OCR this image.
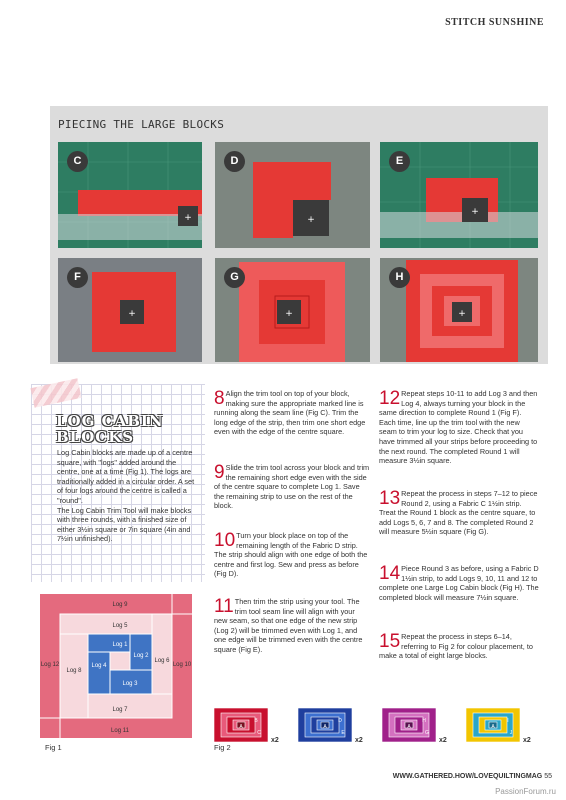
STITCH SUNSHINE
PIECING THE LARGE BLOCKS
+
C
+
D
+
E
+
F
+
G
+
H
LOG CABIN
BLOCKS

Log Cabin blocks are made up of a centre square, with "logs" added around the centre, one at a time (Fig 1). The logs are traditionally added in a circular order. A set of four logs around the centre is called a "round".

The Log Cabin Trim Tool will make blocks with three rounds, with a finished size of either 3½in square or 7in square (4in and 7½in unfinished).

8 Align the trim tool on top of your block, making sure the appropriate marked line is running along the seam line (Fig C). Trim the long edge of the strip, then trim one short edge even with the edge of the centre square.
9 Slide the trim tool across your block and trim the remaining short edge even with the side of the centre square to complete Log 1. Save the remaining strip to use on the rest of the block.
10 Turn your block place on top of the remaining length of the Fabric D strip. The strip should align with one edge of both the centre and first log. Sew and press as before (Fig D).
11 Then trim the strip using your tool. The trim tool seam line will align with your new seam, so that one edge of the new strip (Log 2) will be trimmed even with Log 1, and one edge will be trimmed even with the centre square (Fig E).
12 Repeat steps 10-11 to add Log 3 and then Log 4, always turning your block in the same direction to complete Round 1 (Fig F). Each time, line up the trim tool with the new seam to trim your log to size. Check that you have trimmed all your strips before proceeding to the next round. The completed Round 1 will measure 3½in square.
13 Repeat the process in steps 7–12 to piece Round 2, using a Fabric C 1½in strip. Treat the Round 1 block as the centre square, to add Logs 5, 6, 7 and 8. The completed Round 2 will measure 5½in square (Fig G).
14 Piece Round 3 as before, using a Fabric D 1½in strip, to add Logs 9, 10, 11 and 12 to complete one Large Log Cabin block (Fig H). The completed block will measure 7½in square.
15 Repeat the process in steps 6–14, referring to Fig 2 for colour placement, to make a total of eight large blocks.
Log 9
Log 5
Log 7
Log 11
Log 12	Log 10
Log 8
Log 6
Log 1
Log 2
Log 3
Log 4
Fig 1
A
B
C
x2
A
D
E
x2
A
H
G
x2
A
I
J
x2
Fig 2
WWW.GATHERED.HOW/LOVEQUILTINGMAG 55
PassionForum.ru
